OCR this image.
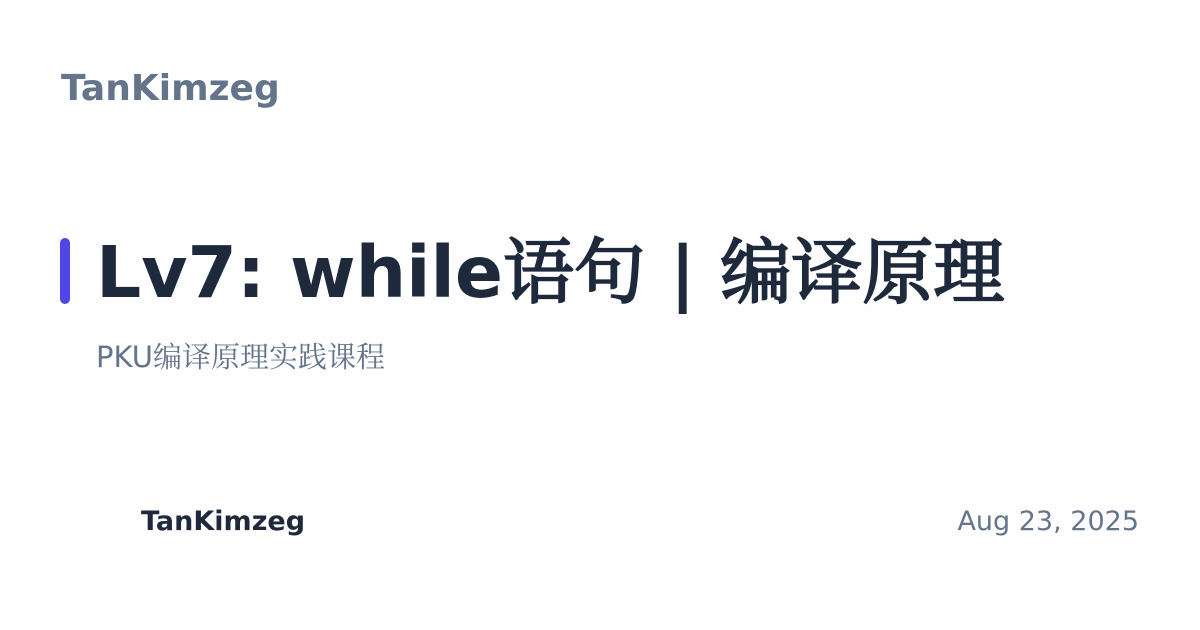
TanKimzeg
Lv7: while语句 | 编译原理
PKU编译原理实践课程
TanKimzeg	Aug 23, 2025
